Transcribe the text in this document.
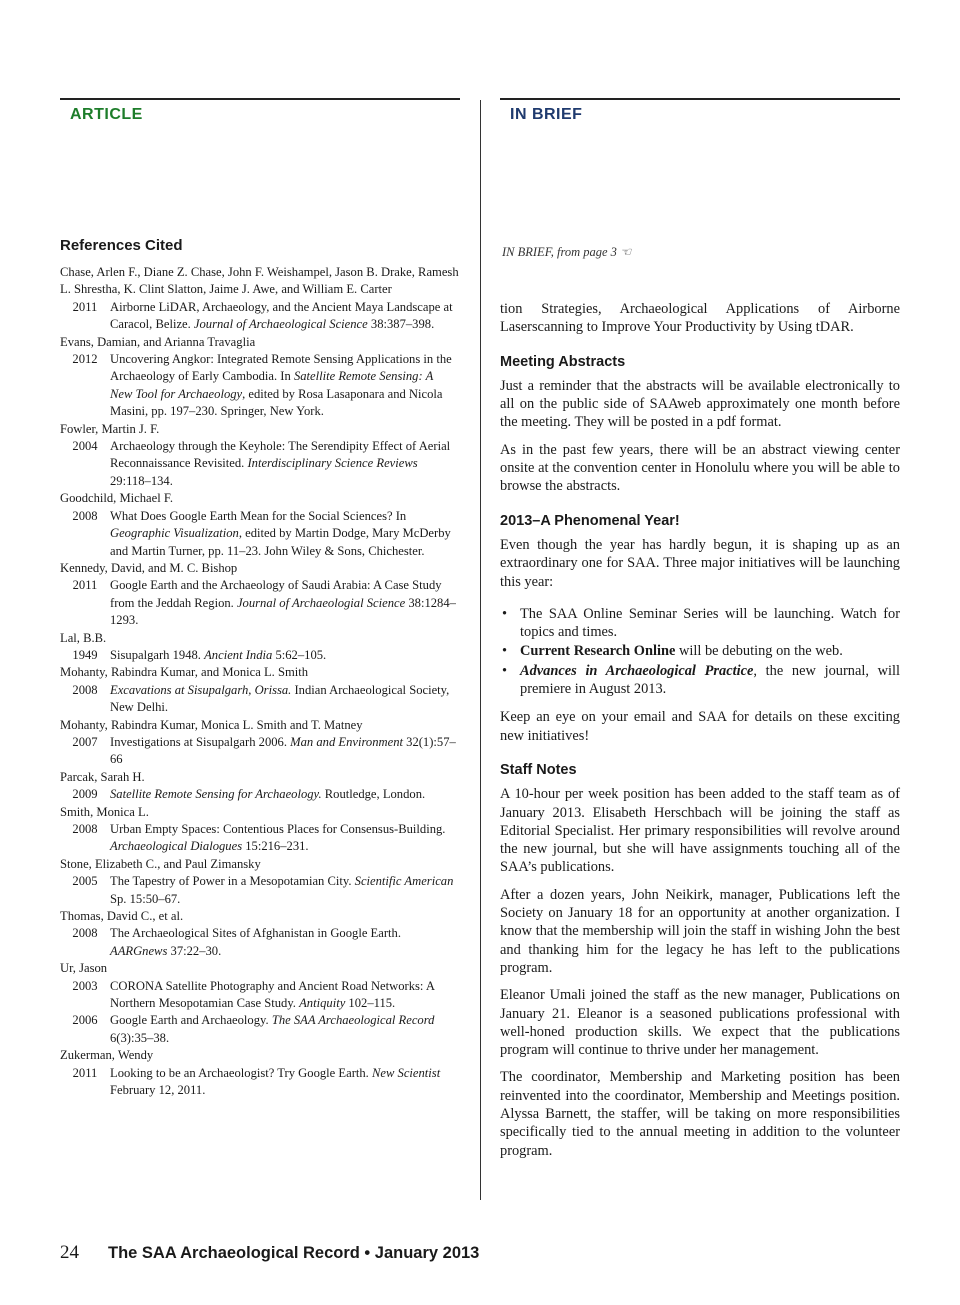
ARTICLE	IN BRIEF
References Cited
Chase, Arlen F., Diane Z. Chase, John F. Weishampel, Jason B. Drake, Ramesh L. Shrestha, K. Clint Slatton, Jaime J. Awe, and William E. Carter
2011	Airborne LiDAR, Archaeology, and the Ancient Maya Landscape at Caracol, Belize. Journal of Archaeological Science 38:387–398.
Evans, Damian, and Arianna Travaglia
2012 Uncovering Angkor: Integrated Remote Sensing Applications in the Archaeology of Early Cambodia. In Satellite Remote Sensing: A New Tool for Archaeology, edited by Rosa Lasaponara and Nicola Masini, pp. 197–230. Springer, New York.
Fowler, Martin J. F.
2004 Archaeology through the Keyhole: The Serendipity Effect of Aerial Reconnaissance Revisited. Interdisciplinary Science Reviews 29:118–134.
Goodchild, Michael F.
2008 What Does Google Earth Mean for the Social Sciences? In Geographic Visualization, edited by Martin Dodge, Mary McDerby and Martin Turner, pp. 11–23. John Wiley & Sons, Chichester.
Kennedy, David, and M. C. Bishop
2011	Google Earth and the Archaeology of Saudi Arabia: A Case Study from the Jeddah Region. Journal of Archaeologial Science 38:1284–1293.
Lal, B.B.
1949 Sisupalgarh 1948. Ancient India 5:62–105.
Mohanty, Rabindra Kumar, and Monica L. Smith
2008 Excavations at Sisupalgarh, Orissa. Indian Archaeological Society, New Delhi.
Mohanty, Rabindra Kumar, Monica L. Smith and T. Matney
2007 Investigations at Sisupalgarh 2006. Man and Environment 32(1):57–66
Parcak, Sarah H.
2009 Satellite Remote Sensing for Archaeology. Routledge, London.
Smith, Monica L.
2008 Urban Empty Spaces: Contentious Places for Consensus-Building. Archaeological Dialogues 15:216–231.
Stone, Elizabeth C., and Paul Zimansky
2005 The Tapestry of Power in a Mesopotamian City. Scientific American Sp. 15:50–67.
Thomas, David C., et al.
2008 The Archaeological Sites of Afghanistan in Google Earth. AARGnews 37:22–30.
Ur, Jason
2003 CORONA Satellite Photography and Ancient Road Networks: A Northern Mesopotamian Case Study. Antiquity 102–115.
2006 Google Earth and Archaeology. The SAA Archaeological Record 6(3):35–38.
Zukerman, Wendy
2011	Looking to be an Archaeologist? Try Google Earth. New Scientist February 12, 2011.
IN BRIEF, from page 3 ☜

tion Strategies, Archaeological Applications of Airborne Laserscanning to Improve Your Productivity by Using tDAR.

Meeting Abstracts

Just a reminder that the abstracts will be available electronically to all on the public side of SAAweb approximately one month before the meeting. They will be posted in a pdf format.

As in the past few years, there will be an abstract viewing center onsite at the convention center in Honolulu where you will be able to browse the abstracts.

2013–A Phenomenal Year!

Even though the year has hardly begun, it is shaping up as an extraordinary one for SAA. Three major initiatives will be launching this year:

• The SAA Online Seminar Series will be launching. Watch for topics and times.
• Current Research Online will be debuting on the web.
• Advances in Archaeological Practice, the new journal, will premiere in August 2013.

Keep an eye on your email and SAA for details on these exciting new initiatives!

Staff Notes

A 10-hour per week position has been added to the staff team as of January 2013. Elisabeth Herschbach will be joining the staff as Editorial Specialist. Her primary responsibilities will revolve around the new journal, but she will have assignments touching all of the SAA’s publications.

After a dozen years, John Neikirk, manager, Publications left the Society on January 18 for an opportunity at another organization. I know that the membership will join the staff in wishing John the best and thanking him for the legacy he has left to the publications program.

Eleanor Umali joined the staff as the new manager, Publications on January 21. Eleanor is a seasoned publications professional with well-honed production skills. We expect that the publications program will continue to thrive under her management.

The coordinator, Membership and Marketing position has been reinvented into the coordinator, Membership and Meetings position. Alyssa Barnett, the staffer, will be taking on more responsibilities specifically tied to the annual meeting in addition to the volunteer program.

24 The SAA Archaeological Record • January 2013
